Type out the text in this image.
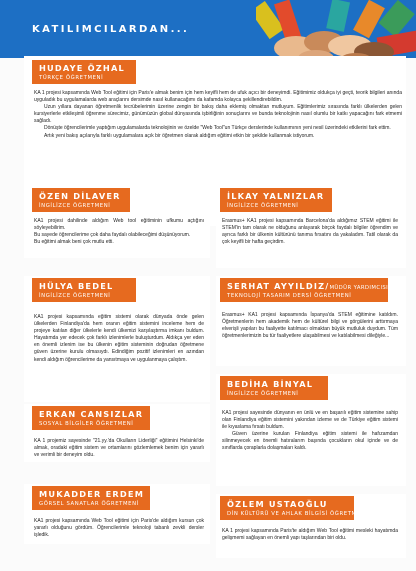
KATILIMCILARDAN...
HUDAYE ÖZHAL
TÜRKÇE ÖĞRETMENİ

KA 1 projesi kapsamında Web Tool eğitimi için Paris'e almak benim için hem keyifli hem de ufuk açıcı bir deneyimdi. Eğitimimiz oldukça iyi geçti, teorik bilgileri anında uyguladık bu uygulamalarda web araçlarını dersimde nasıl kullanacağımı da kafamda kolayca şekillendirebildim.

Uzun yıllara dayanan öğretmenlik tecrübelerimin üzerine zengin bir bakış daha eklemiş olmaktan mutluyum. Eğitimlerimiz sırasında farklı ülkelerden gelen kursiyerlerle etkileşimli öğrenme sürecimiz, günümüzün global dünyasında işbirliğinin sonuçlarını ve bunda teknolojinin nasıl olumlu bir katkı yapacağını fark etmemi sağladı.

Dönüşte öğrencilerimle yaptığım uygulamalarda teknolojinin ve özelde "Web Tool"un Türkçe derslerinde kullanımının yeni nesil üzerindeki etkilerini fark ettim.

Artık yeni bakış açılarıyla farklı uygulamalara açık bir öğretmen olarak aldığım eğitimi etkin bir şekilde kullanmak istiyorum.

ÖZEN DİLAVER
İNGİLİZCE ÖĞRETMENİ

KA1 projesi dahilinde aldığım Web tool eğitiminin ufkumu açtığını söyleyebilirim.

Bu sayede öğrencilerime çok daha faydalı olabileceğimi düşünüyorum.

Bu eğitimi almak beni çok mutlu etti.

İLKAY YALNIZLAR
İNGİLİZCE ÖĞRETMENİ

Erasmus+ KA1 projesi kapsamında Barcelona'da aldığımız STEM eğitimi ile STEM'in tam olarak ne olduğunu anlayarak birçok faydalı bilgiler öğrendim ve ayrıca farklı bir ülkenin kültürünü tanıma fırsatını da yakaladım. Tatil olarak da çok keyifli bir hafta geçirdim.

HÜLYA BEDEL
İNGİLİZCE ÖĞRETMENİ

KA1 projesi kapsamında eğitim sistemi olarak dünyada önde gelen ülkelerden Finlandiya'da hem oranın eğitim sistemini inceleme hem de projeye katılan diğer ülkelerle kendi ülkemizi karşılaştırma imkanı buldum. Hayatımda yer edecek çok farklı izlenimlerle buluşturdum. Aldıkça yer eden en önemli izlenim ise bu ülkenin eğitim sisteminin doğrudan öğretmene güven üzerine kurulu olmasıydı. Edindiğim pozitif izlenimleri en azından kendi aldığım öğrencilerime da yansıtmaya ve uygulanmaya çalıştım.

SERHAT AYYILDIZ/MÜDÜR YARDIMCISI
TEKNOLOJİ TASARIM DERSİ ÖĞRETMENİ

Erasmus+ KA1 projesi kapsamında İspanya'da STEM eğitimine katıldım. Öğretmenlerin hem akademik hem de kültürel bilgi ve görgülerini arttırmaya elverişli yapıları bu faaliyette katılmacı olmaktan büyük mutluluk duydum. Tüm öğretmenlerimizin bu tür faaliyetlere ulaşabilmesi ve katılabilmesi dileğiyle...

ERKAN CANSIZLAR
SOSYAL BİLGİLER ÖĞRETMENİ

KA 1 projemiz sayesinde "21.yy.'da Okulların Liderliği" eğitimini Helsinki'de almak, oradaki eğitim sistem ve ortamlarını gözlemlemek benim için yararlı ve verimli bir deneyim oldu.

BEDİHA BİNYAL
İNGİLİZCE ÖĞRETMENİ

KA1 projesi sayesinde dünyanın en ünlü ve en başarılı eğitim sistemine sahip olan Finlandiya eğitim sistemini yakından izleme ve de Türkiye eğitim sistemi ile kıyaslama fırsatı buldum.

Güven üzerine kurulan Finlandiya eğitim sistemi ile hafızamdan silinmeyecek en önemli hatıralarım başında çocukların okul içinde ve de sınıflarda çoraplarla dolaşmaları kaldı.

MUKADDER ERDEM
GÖRSEL SANATLAR ÖĞRETMENİ

KA1 projesi kapsamında Web Tool eğitimi için Paris'de aldığım kursun çok yararlı olduğunu gördüm. Öğrencilerimle teknoloji tabanlı zevkli dersler işledik.

ÖZLEM USTAOĞLU
DİN KÜLTÜRÜ VE AHLAK BİLGİSİ ÖĞRETMENİ

KA 1 projesi kapsamında Paris'te aldığım Web Tool eğitimi mesleki hayatımda gelişmemi sağlayan en önemli yapı taşlarından biri oldu.
